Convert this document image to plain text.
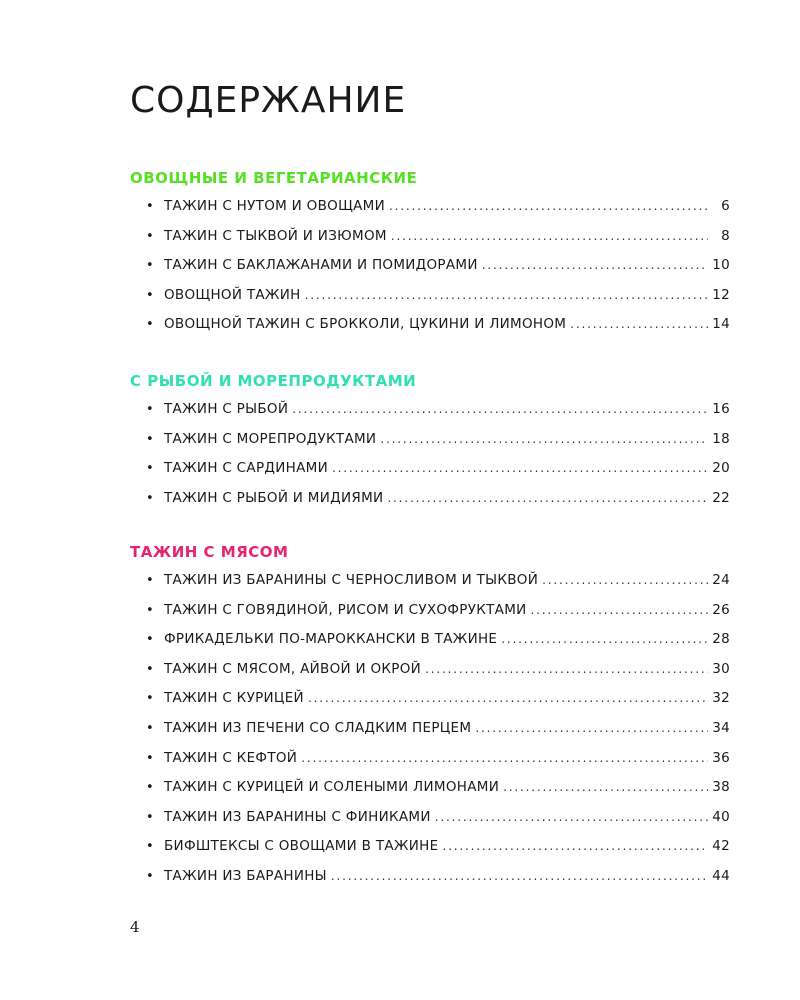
СОДЕРЖАНИЕ
ОВОЩНЫЕ И ВЕГЕТАРИАНСКИЕ
• ТАЖИН С НУТОМ И ОВОЩАМИ . . .	6
• ТАЖИН С ТЫКВОЙ И ИЗЮМОМ . . .	8
• ТАЖИН С БАКЛАЖАНАМИ И ПОМИДОРАМИ . . .	10
• ОВОЩНОЙ ТАЖИН . . .	12
• ОВОЩНОЙ ТАЖИН С БРОККОЛИ, ЦУКИНИ И ЛИМОНОМ . . .	14
С РЫБОЙ И МОРЕПРОДУКТАМИ
• ТАЖИН С РЫБОЙ . . .	16
• ТАЖИН С МОРЕПРОДУКТАМИ . . .	18
• ТАЖИН С САРДИНАМИ . . .	20
• ТАЖИН С РЫБОЙ И МИДИЯМИ . . .	22
ТАЖИН С МЯСОМ
• ТАЖИН ИЗ БАРАНИНЫ С ЧЕРНОСЛИВОМ И ТЫКВОЙ . . .	24
• ТАЖИН С ГОВЯДИНОЙ, РИСОМ И СУХОФРУКТАМИ . . .	26
• ФРИКАДЕЛЬКИ ПО-МАРОККАНСКИ В ТАЖИНЕ . . .	28
• ТАЖИН С МЯСОМ, АЙВОЙ И ОКРОЙ . . .	30
• ТАЖИН С КУРИЦЕЙ . . .	32
• ТАЖИН ИЗ ПЕЧЕНИ СО СЛАДКИМ ПЕРЦЕМ . . .	34
• ТАЖИН С КЕФТОЙ . . .	36
• ТАЖИН С КУРИЦЕЙ И СОЛЕНЫМИ ЛИМОНАМИ . . .	38
• ТАЖИН ИЗ БАРАНИНЫ С ФИНИКАМИ . . .	40
• БИФШТЕКСЫ С ОВОЩАМИ В ТАЖИНЕ . . .	42
• ТАЖИН ИЗ БАРАНИНЫ . . .	44
4
